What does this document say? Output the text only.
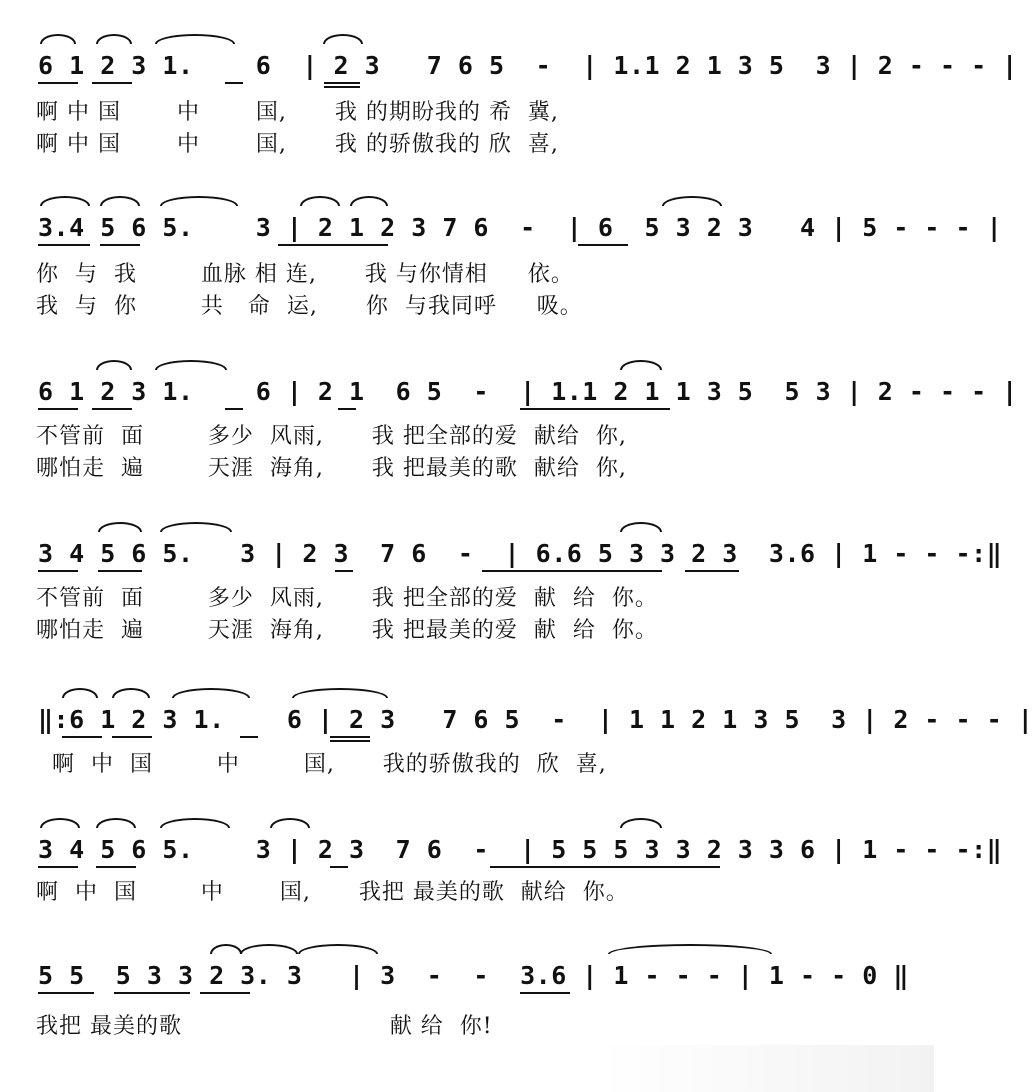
6 1 2 3 1.    6  | 2 3   7 6 5  -  | 1.1 2 1 3 5  3 | 2 - - - |
啊 中 国       中       国,      我 的期盼我的 希  冀,
啊 中 国       中       国,      我 的骄傲我的 欣  喜,
3.4 5 6 5.    3 | 2 1 2 3 7 6  -  | 6  5 3 2 3   4 | 5 - - - |
你  与  我        血脉 相 连,      我 与你情相     依。
我  与  你        共   命  运,      你  与我同呼     吸。
6 1 2 3 1.    6 | 2 1  6 5  -  | 1.1 2 1 1 3 5  5 3 | 2 - - - |
不管前  面        多少  风雨,      我 把全部的爱  献给  你,
哪怕走  遍        天涯  海角,      我 把最美的歌  献给  你,
3 4 5 6 5.   3 | 2 3  7 6  -  | 6.6 5 3 3 2 3  3.6 | 1 - - -:‖
不管前  面        多少  风雨,      我 把全部的爱  献  给  你。
哪怕走  遍        天涯  海角,      我 把最美的爱  献  给  你。
‖:6 1 2 3 1.    6 | 2 3   7 6 5  -  | 1 1 2 1 3 5  3 | 2 - - - |
啊  中  国        中        国,      我的骄傲我的  欣  喜,
3 4 5 6 5.    3 | 2 3  7 6  -  | 5 5 5 3 3 2 3 3 6 | 1 - - -:‖
啊  中  国        中       国,      我把 最美的歌  献给  你。
5 5  5 3 3 2 3. 3   | 3  -  -  3.6 | 1 - - - | 1 - - 0 ‖
我把 最美的歌                          献 给  你!
